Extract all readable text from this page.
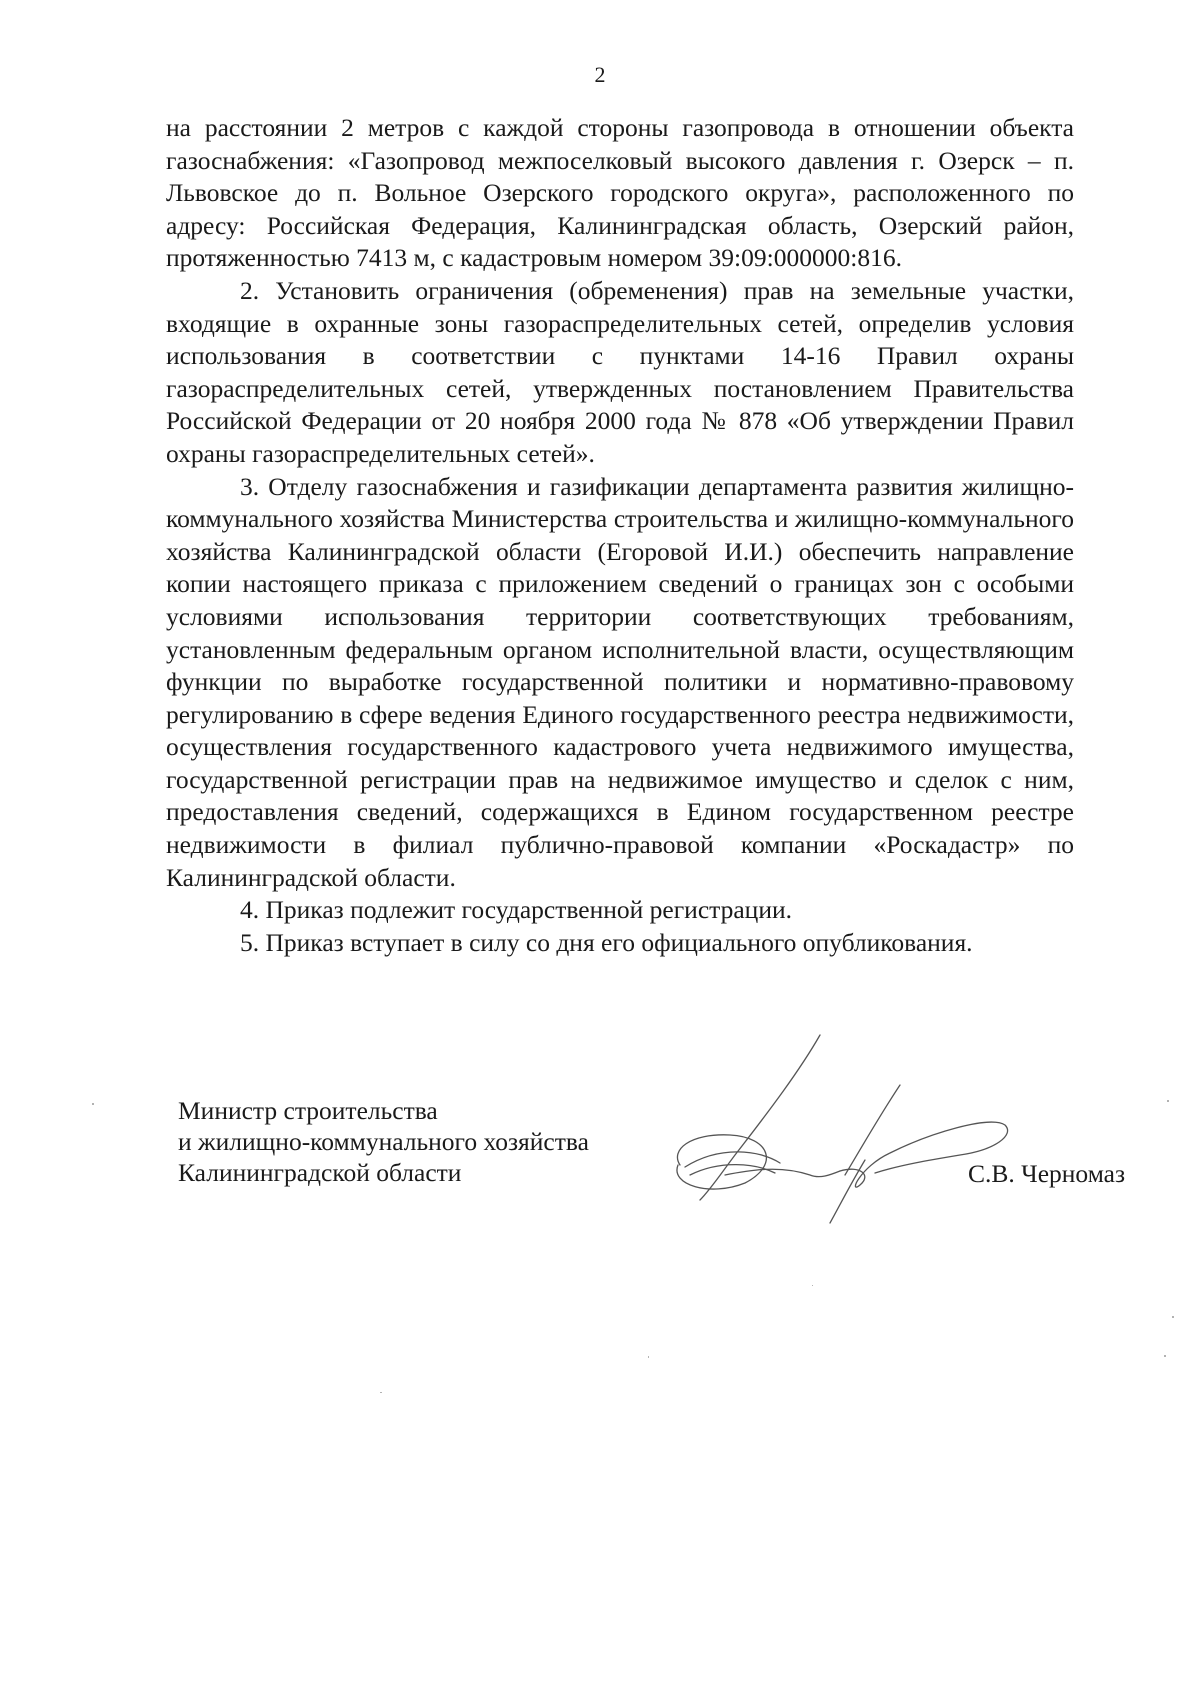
2

на расстоянии 2 метров с каждой стороны газопровода в отношении объекта газоснабжения: «Газопровод межпоселковый высокого давления г. Озерск – п. Львовское до п. Вольное Озерского городского округа», расположенного по адресу: Российская Федерация, Калининградская область, Озерский район, протяженностью 7413 м, с кадастровым номером 39:09:000000:816.

2. Установить ограничения (обременения) прав на земельные участки, входящие в охранные зоны газораспределительных сетей, определив условия использования в соответствии с пунктами 14-16 Правил охраны газораспределительных сетей, утвержденных постановлением Правительства Российской Федерации от 20 ноября 2000 года № 878 «Об утверждении Правил охраны газораспределительных сетей».

3. Отделу газоснабжения и газификации департамента развития жилищно-коммунального хозяйства Министерства строительства и жилищно-коммунального хозяйства Калининградской области (Егоровой И.И.) обеспечить направление копии настоящего приказа с приложением сведений о границах зон с особыми условиями использования территории соответствующих требованиям, установленным федеральным органом исполнительной власти, осуществляющим функции по выработке государственной политики и нормативно-правовому регулированию в сфере ведения Единого государственного реестра недвижимости, осуществления государственного кадастрового учета недвижимого имущества, государственной регистрации прав на недвижимое имущество и сделок с ним, предоставления сведений, содержащихся в Едином государственном реестре недвижимости в филиал публично-правовой компании «Роскадастр» по Калининградской области.

4. Приказ подлежит государственной регистрации.

5. Приказ вступает в силу со дня его официального опубликования.

Министр строительства
и жилищно-коммунального хозяйства
Калининградской области	С.В. Черномаз
